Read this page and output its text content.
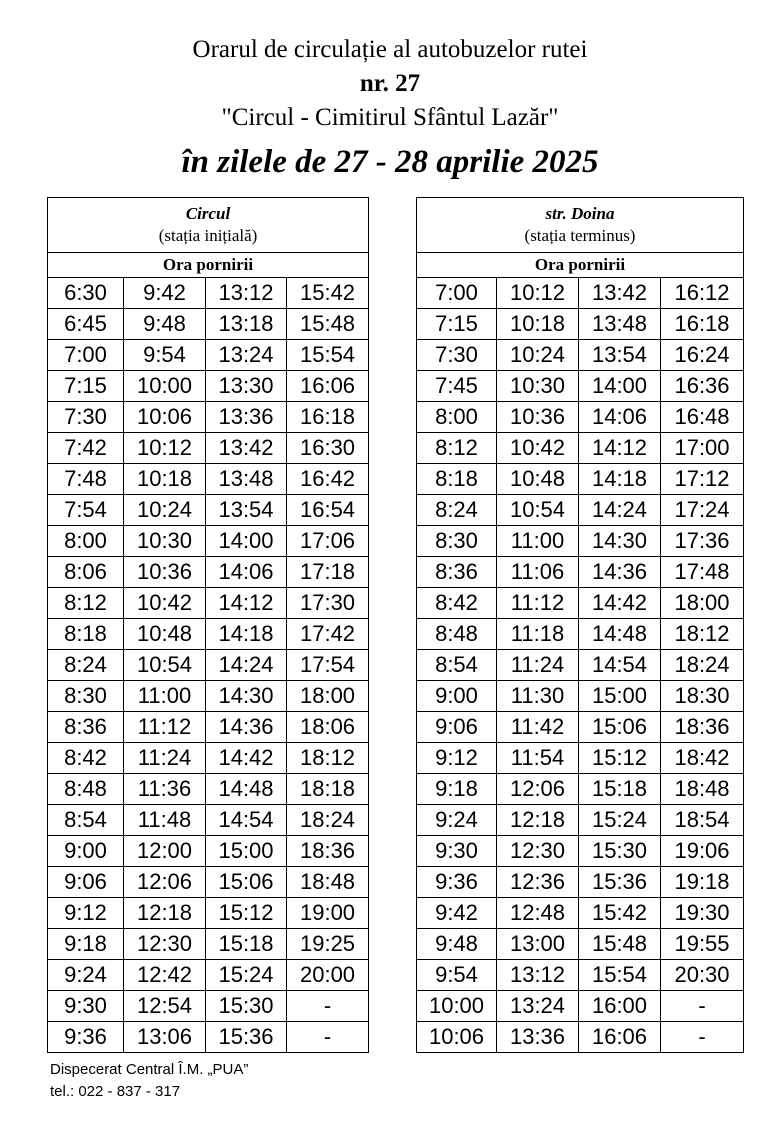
Orarul de circulație al autobuzelor rutei
nr. 27
"Circul - Cimitirul Sfântul Lazăr"
în zilele de 27 - 28 aprilie 2025
Circul
(stația inițială)			

Ora pornirii			
6:30	9:42	13:12	15:42
6:45	9:48	13:18	15:48
7:00	9:54	13:24	15:54
7:15	10:00	13:30	16:06
7:30	10:06	13:36	16:18
7:42	10:12	13:42	16:30
7:48	10:18	13:48	16:42
7:54	10:24	13:54	16:54
8:00	10:30	14:00	17:06
8:06	10:36	14:06	17:18
8:12	10:42	14:12	17:30
8:18	10:48	14:18	17:42
8:24	10:54	14:24	17:54
8:30	11:00	14:30	18:00
8:36	11:12	14:36	18:06
8:42	11:24	14:42	18:12
8:48	11:36	14:48	18:18
8:54	11:48	14:54	18:24
9:00	12:00	15:00	18:36
9:06	12:06	15:06	18:48
9:12	12:18	15:12	19:00
9:18	12:30	15:18	19:25
9:24	12:42	15:24	20:00
9:30	12:54	15:30	-
9:36	13:06	15:36	-
str. Doina
(stația terminus)			

Ora pornirii			
7:00	10:12	13:42	16:12
7:15	10:18	13:48	16:18
7:30	10:24	13:54	16:24
7:45	10:30	14:00	16:36
8:00	10:36	14:06	16:48
8:12	10:42	14:12	17:00
8:18	10:48	14:18	17:12
8:24	10:54	14:24	17:24
8:30	11:00	14:30	17:36
8:36	11:06	14:36	17:48
8:42	11:12	14:42	18:00
8:48	11:18	14:48	18:12
8:54	11:24	14:54	18:24
9:00	11:30	15:00	18:30
9:06	11:42	15:06	18:36
9:12	11:54	15:12	18:42
9:18	12:06	15:18	18:48
9:24	12:18	15:24	18:54
9:30	12:30	15:30	19:06
9:36	12:36	15:36	19:18
9:42	12:48	15:42	19:30
9:48	13:00	15:48	19:55
9:54	13:12	15:54	20:30
10:00	13:24	16:00	-
10:06	13:36	16:06	-
Dispecerat Central Î.M. „PUA”
tel.: 022 - 837 - 317
